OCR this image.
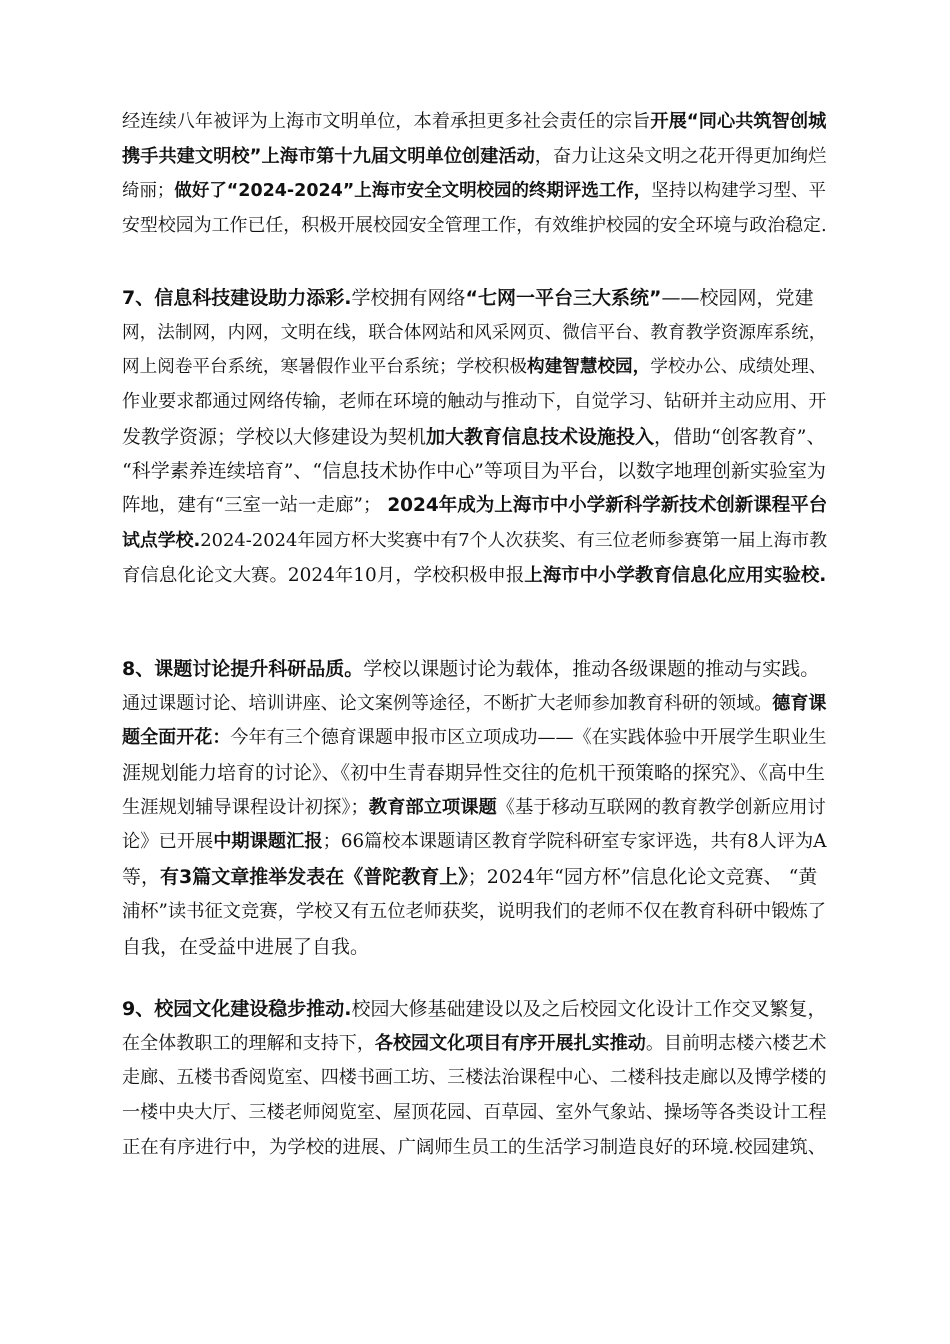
经连续八年被评为上海市文明单位，本着承担更多社会责任的宗旨开展“同心共筑智创城
携手共建文明校”上海市第十九届文明单位创建活动，奋力让这朵文明之花开得更加绚烂
绮丽；做好了“2024-2024”上海市安全文明校园的终期评选工作，坚持以构建学习型、平
安型校园为工作已任，积极开展校园安全管理工作，有效维护校园的安全环境与政治稳定.
7、信息科技建设助力添彩.学校拥有网络“七网一平台三大系统”——校园网，党建
网，法制网，内网，文明在线，联合体网站和风采网页、微信平台、教育教学资源库系统，
网上阅卷平台系统，寒暑假作业平台系统；学校积极构建智慧校园，学校办公、成绩处理、
作业要求都通过网络传输，老师在环境的触动与推动下，自觉学习、钻研并主动应用、开
发教学资源；学校以大修建设为契机加大教育信息技术设施投入，借助“创客教育”、
“科学素养连续培育”、“信息技术协作中心”等项目为平台，以数字地理创新实验室为
阵地，建有“三室一站一走廊”； 2024年成为上海市中小学新科学新技术创新课程平台
试点学校.2024-2024年园方杯大奖赛中有7个人次获奖、有三位老师参赛第一届上海市教
育信息化论文大赛。2024年10月，学校积极申报上海市中小学教育信息化应用实验校.
8、课题讨论提升科研品质。学校以课题讨论为载体，推动各级课题的推动与实践。
通过课题讨论、培训讲座、论文案例等途径，不断扩大老师参加教育科研的领域。德育课
题全面开花：今年有三个德育课题申报市区立项成功——《在实践体验中开展学生职业生
涯规划能力培育的讨论》、《初中生青春期异性交往的危机干预策略的探究》、《高中生
生涯规划辅导课程设计初探》；教育部立项课题《基于移动互联网的教育教学创新应用讨
论》已开展中期课题汇报；66篇校本课题请区教育学院科研室专家评选，共有8人评为A
等，有3篇文章推举发表在《普陀教育上》；2024年“园方杯”信息化论文竞赛、 “黄
浦杯”读书征文竞赛，学校又有五位老师获奖，说明我们的老师不仅在教育科研中锻炼了
自我，在受益中进展了自我。
9、校园文化建设稳步推动.校园大修基础建设以及之后校园文化设计工作交叉繁复，
在全体教职工的理解和支持下，各校园文化项目有序开展扎实推动。目前明志楼六楼艺术
走廊、五楼书香阅览室、四楼书画工坊、三楼法治课程中心、二楼科技走廊以及博学楼的
一楼中央大厅、三楼老师阅览室、屋顶花园、百草园、室外气象站、操场等各类设计工程
正在有序进行中，为学校的进展、广阔师生员工的生活学习制造良好的环境.校园建筑、
